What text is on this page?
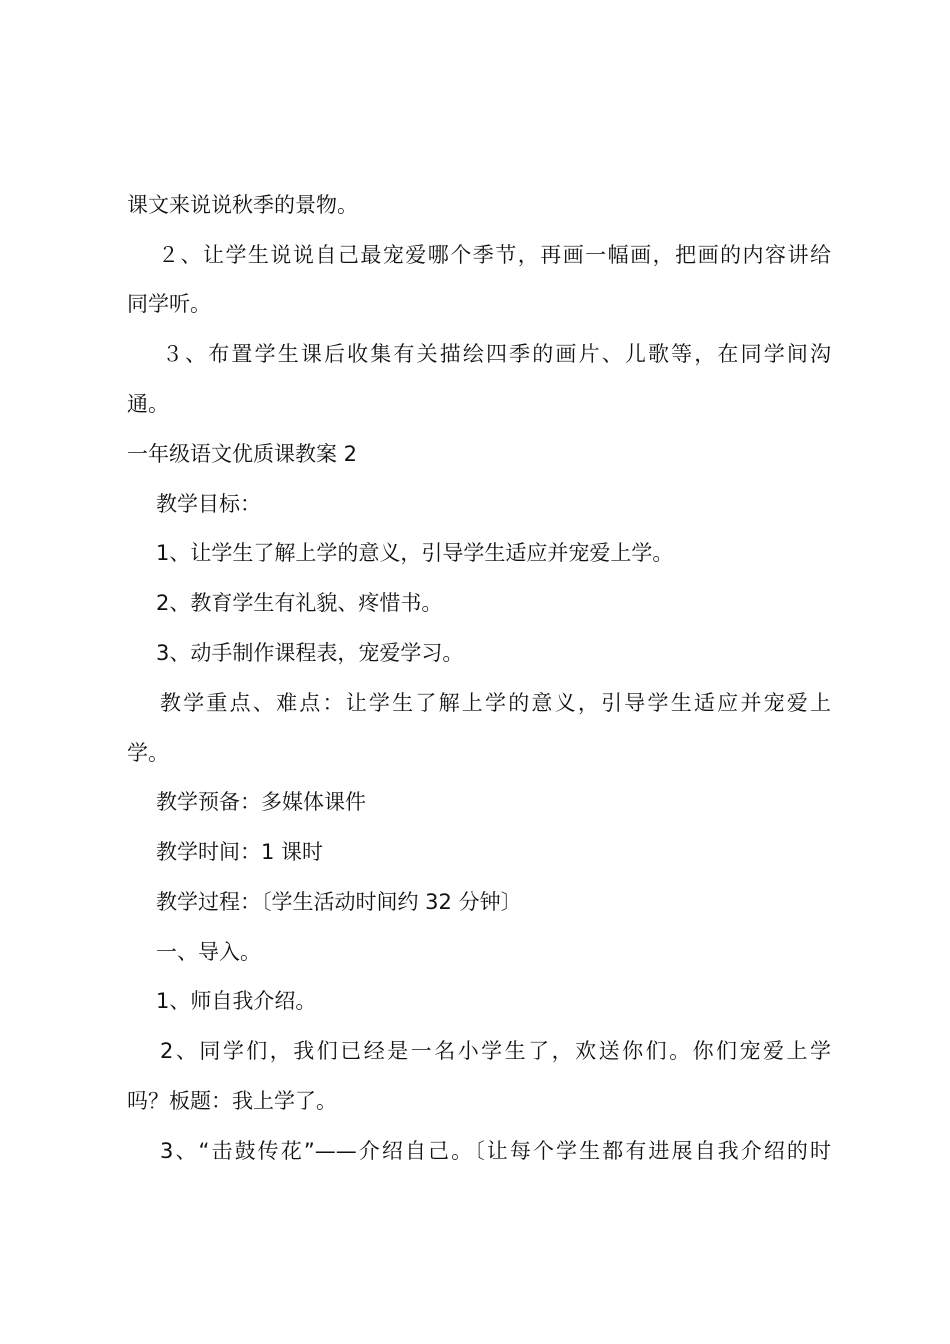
课文来说说秋季的景物。
２、让学生说说自己最宠爱哪个季节，再画一幅画，把画的内容讲给
同学听。
３、布置学生课后收集有关描绘四季的画片、儿歌等，在同学间沟
通。
一年级语文优质课教案 2
教学目标：
1、让学生了解上学的意义，引导学生适应并宠爱上学。
2、教育学生有礼貌、疼惜书。
3、动手制作课程表，宠爱学习。
教学重点、难点：让学生了解上学的意义，引导学生适应并宠爱上
学。
教学预备：多媒体课件
教学时间：1 课时
教学过程：〔学生活动时间约 32 分钟〕
一、导入。
1、师自我介绍。
2、同学们，我们已经是一名小学生了，欢送你们。你们宠爱上学
吗？板题：我上学了。
3、“击鼓传花”——介绍自己。〔让每个学生都有进展自我介绍的时
